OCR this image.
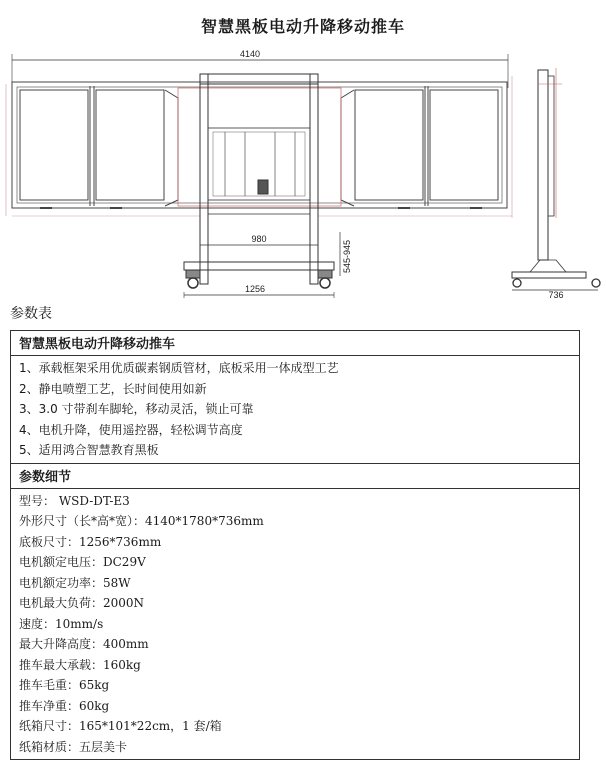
智慧黑板电动升降移动推车
4140
980
545-945
1256
736
参数表
智慧黑板电动升降移动推车

1、承载框架采用优质碳素钢质管材，底板采用一体成型工艺
2、静电喷塑工艺，长时间使用如新
3、3.0 寸带刹车脚轮，移动灵活，锁止可靠
4、电机升降，使用遥控器，轻松调节高度
5、适用鸿合智慧教育黑板

参数细节

型号： WSD-DT-E3
外形尺寸（长*高*宽）：4140*1780*736mm
底板尺寸：1256*736mm
电机额定电压：DC29V
电机额定功率：58W
电机最大负荷：2000N
速度：10mm/s
最大升降高度：400mm
推车最大承载：160kg
推车毛重：65kg
推车净重：60kg
纸箱尺寸：165*101*22cm，1 套/箱
纸箱材质：五层美卡
